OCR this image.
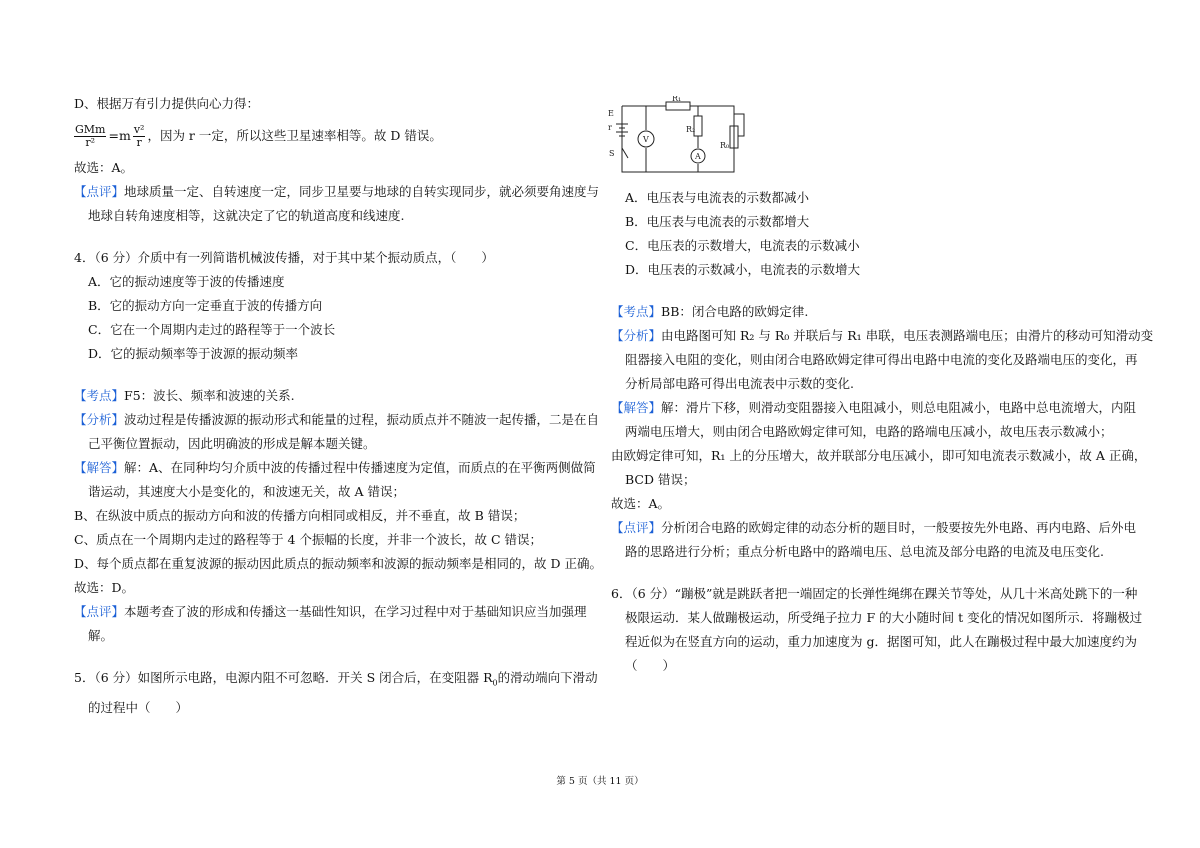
D、根据万有引力提供向心力得：

$\frac{\text{GMm}}{\text{r²}} =m \frac{\text{v²}}{r}$ ，因为 r 一定，所以这些卫星速率相等。故 D 错误。

故选：A。

【点评】地球质量一定、自转速度一定，同步卫星要与地球的自转实现同步，就必须要角速度与

地球自转角速度相等，这就决定了它的轨道高度和线速度.

4．（6 分）介质中有一列简谐机械波传播，对于其中某个振动质点，（　　）

A．它的振动速度等于波的传播速度

B．它的振动方向一定垂直于波的传播方向

C．它在一个周期内走过的路程等于一个波长

D．它的振动频率等于波源的振动频率

【考点】F5：波长、频率和波速的关系.

【分析】波动过程是传播波源的振动形式和能量的过程，振动质点并不随波一起传播，二是在自

己平衡位置振动，因此明确波的形成是解本题关键。

【解答】解：A、在同种均匀介质中波的传播过程中传播速度为定值，而质点的在平衡两侧做简

谐运动，其速度大小是变化的，和波速无关，故 A 错误；

B、在纵波中质点的振动方向和波的传播方向相同或相反，并不垂直，故 B 错误；

C、质点在一个周期内走过的路程等于 4 个振幅的长度，并非一个波长，故 C 错误；

D、每个质点都在重复波源的振动因此质点的振动频率和波源的振动频率是相同的，故 D 正确。

故选：D。

【点评】本题考查了波的形成和传播这一基础性知识，在学习过程中对于基础知识应当加强理

解。

5．（6 分）如图所示电路，电源内阻不可忽略．开关 S 闭合后，在变阻器 $R_0$的滑动端向下滑动

的过程中（　　）

E
r
S
R₁
R₂
R₀
V
A

A．电压表与电流表的示数都减小

B．电压表与电流表的示数都增大

C．电压表的示数增大，电流表的示数减小

D．电压表的示数减小，电流表的示数增大

【考点】BB：闭合电路的欧姆定律.

【分析】由电路图可知 R₂ 与 R₀ 并联后与 R₁ 串联，电压表测路端电压；由滑片的移动可知滑动变

阻器接入电阻的变化，则由闭合电路欧姆定律可得出电路中电流的变化及路端电压的变化，再

分析局部电路可得出电流表中示数的变化.

【解答】解：滑片下移，则滑动变阻器接入电阻减小，则总电阻减小，电路中总电流增大，内阻

两端电压增大，则由闭合电路欧姆定律可知，电路的路端电压减小，故电压表示数减小；

由欧姆定律可知，R₁ 上的分压增大，故并联部分电压减小，即可知电流表示数减小，故 A 正确，

BCD 错误；

故选：A。

【点评】分析闭合电路的欧姆定律的动态分析的题目时，一般要按先外电路、再内电路、后外电

路的思路进行分析；重点分析电路中的路端电压、总电流及部分电路的电流及电压变化.

6．（6 分）“蹦极”就是跳跃者把一端固定的长弹性绳绑在踝关节等处，从几十米高处跳下的一种

极限运动．某人做蹦极运动，所受绳子拉力 F 的大小随时间 t 变化的情况如图所示．将蹦极过

程近似为在竖直方向的运动，重力加速度为 g．据图可知，此人在蹦极过程中最大加速度约为

（　　）

第 5 页（共 11 页）
